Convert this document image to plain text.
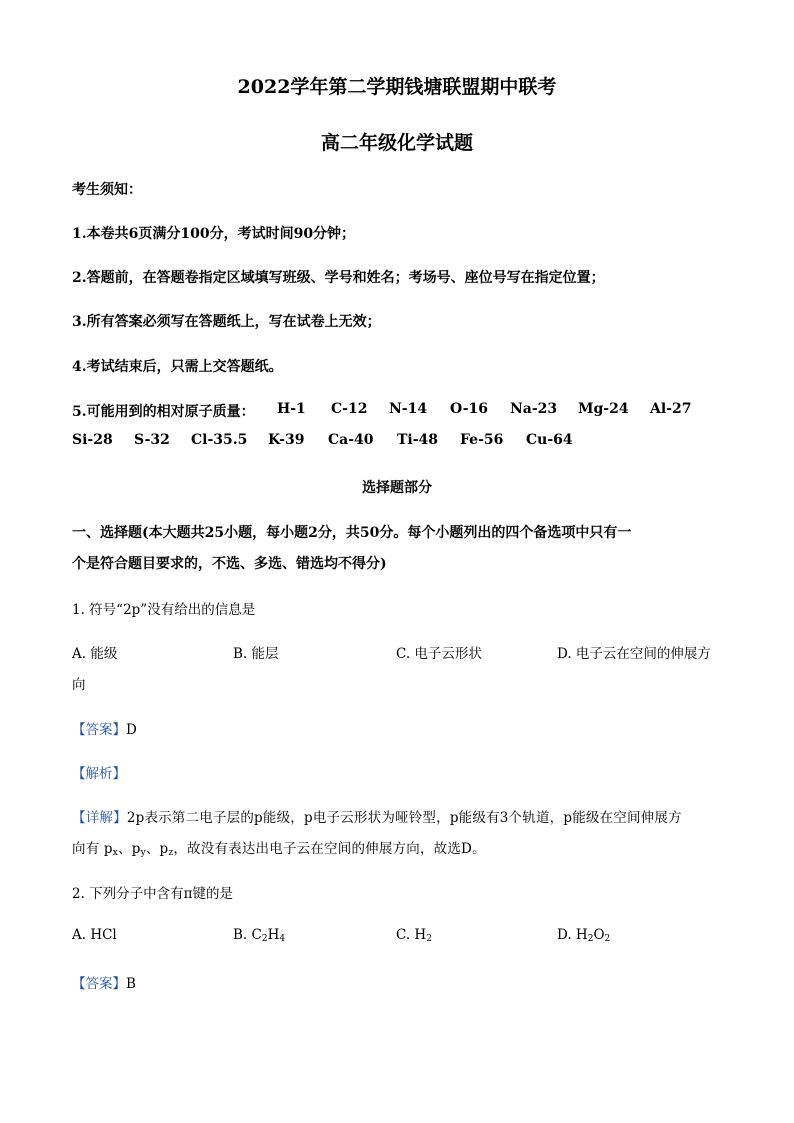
2022学年第二学期钱塘联盟期中联考
高二年级化学试题
考生须知：
1.本卷共6页满分100分，考试时间90分钟；
2.答题前，在答题卷指定区域填写班级、学号和姓名；考场号、座位号写在指定位置；
3.所有答案必须写在答题纸上，写在试卷上无效；
4.考试结束后，只需上交答题纸。
5.可能用到的相对原子质量： H-1 C-12 N-14 O-16 Na-23 Mg-24 Al-27
Si-28 S-32 Cl-35.5 K-39 Ca-40 Ti-48 Fe-56 Cu-64
选择题部分
一、选择题(本大题共25小题，每小题2分，共50分。每个小题列出的四个备选项中只有一
个是符合题目要求的，不选、多选、错选均不得分)
1. 符号“2p”没有给出的信息是
A. 能级	B. 能层	C. 电子云形状	D. 电子云在空间的伸展方
向
【答案】D
【解析】
【详解】2p表示第二电子层的p能级，p电子云形状为哑铃型，p能级有3个轨道，p能级在空间伸展方
向有 $p_x$、$p_y$、$p_z$，故没有表达出电子云在空间的伸展方向，故选D。
2. 下列分子中含有π键的是
A. HCl	B. $C_2H_4$	C. $H_2$	D. $H_2O_2$
【答案】B
